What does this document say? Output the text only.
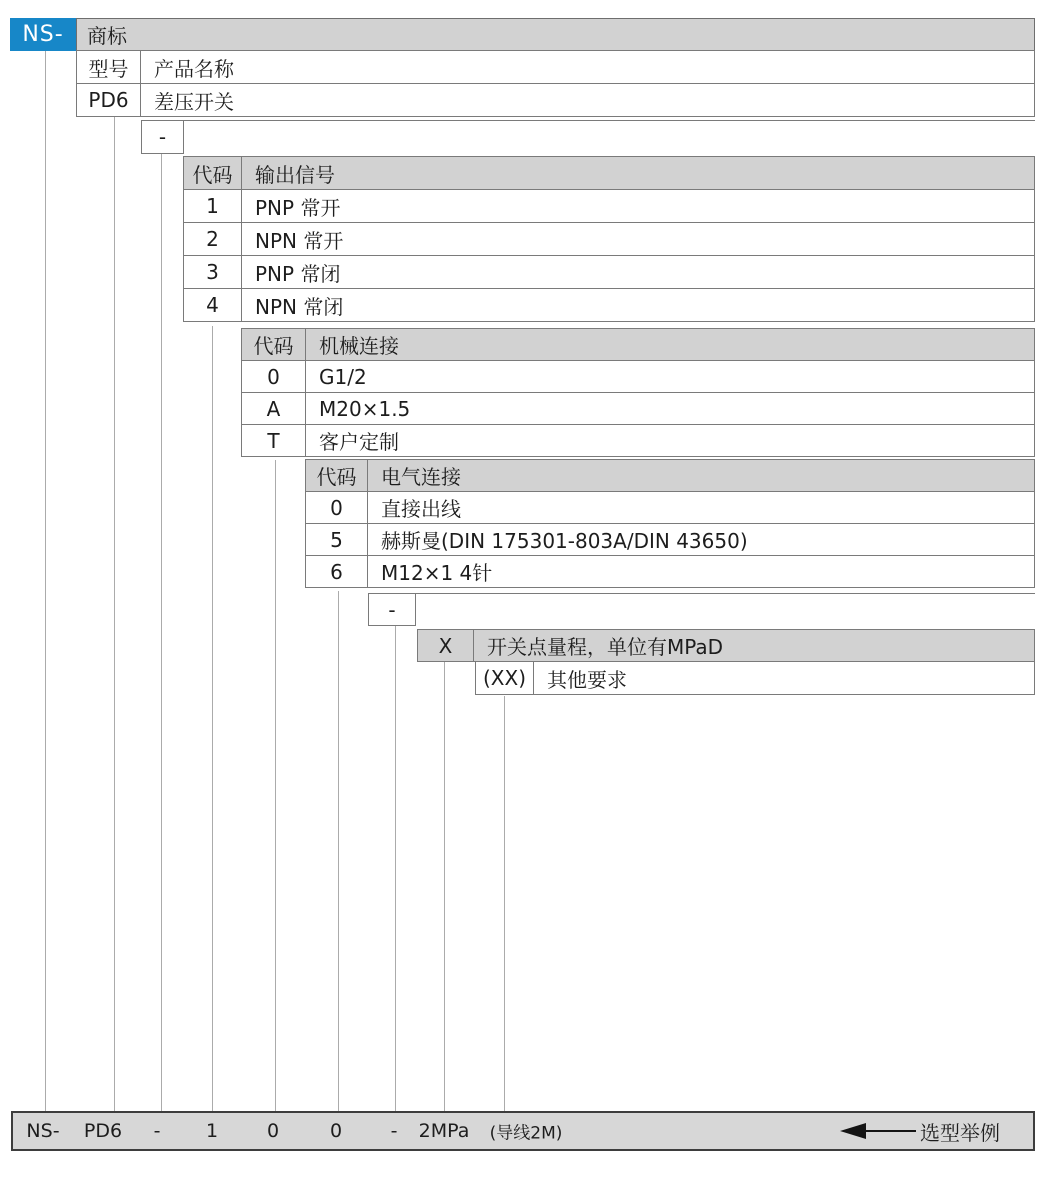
NS-	商标
型号	产品名称
PD6	差压开关
-
代码	输出信号
1	PNP 常开
2	NPN 常开
3	PNP 常闭
4	NPN 常闭
代码	机械连接
0	G1/2
A	M20×1.5
T	客户定制
代码	电气连接
0	直接出线
5	赫斯曼(DIN 175301-803A/DIN 43650)
6	M12×1 4针
-
X	开关点量程，单位有MPaD
(XX)	其他要求
NS- PD6 - 1	0	0	- 2MPa (导线2M)	选型举例
